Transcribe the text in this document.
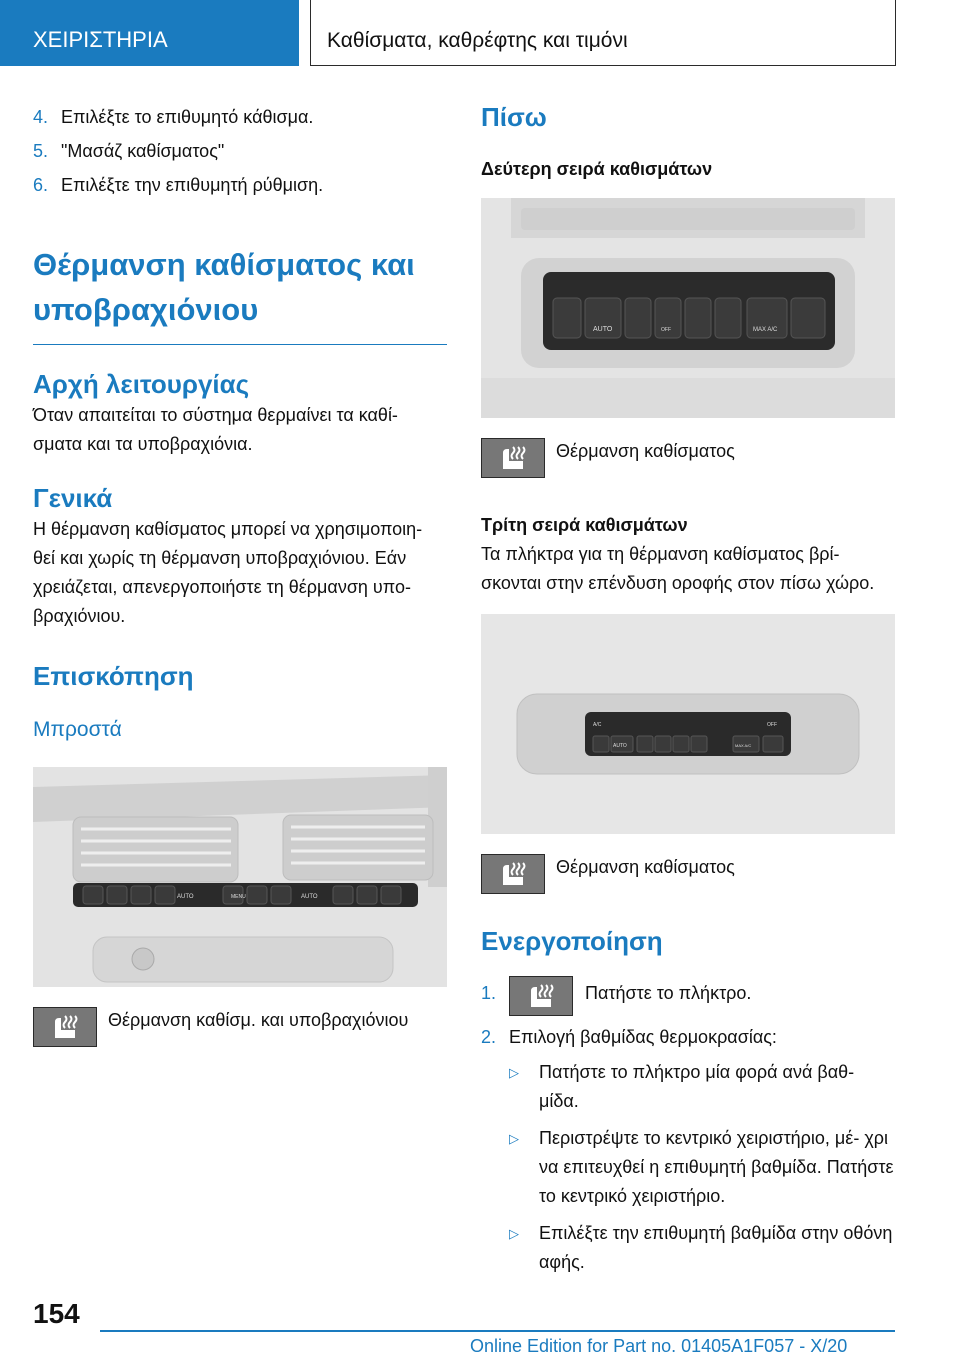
ΧΕΙΡΙΣΤΗΡΙΑ	Καθίσματα, καθρέφτης και τιμόνι
4. Επιλέξτε το επιθυμητό κάθισμα.
5. "Μασάζ καθίσματος"
6. Επιλέξτε την επιθυμητή ρύθμιση.
Θέρμανση καθίσματος και υποβραχιόνιου
Αρχή λειτουργίας
Όταν απαιτείται το σύστημα θερμαίνει τα καθί- σματα και τα υποβραχιόνια.
Γενικά
Η θέρμανση καθίσματος μπορεί να χρησιμοποιη- θεί και χωρίς τη θέρμανση υποβραχιόνιου. Εάν χρειάζεται, απενεργοποιήστε τη θέρμανση υπο- βραχιόνιου.
Επισκόπηση
Μπροστά
AUTO	MENU	AUTO
Θέρμανση καθίσμ. και υποβραχιόνιου
Πίσω
Δεύτερη σειρά καθισμάτων
AUTO	MAX A/C
OFF
Θέρμανση καθίσματος
Τρίτη σειρά καθισμάτων
Τα πλήκτρα για τη θέρμανση καθίσματος βρί- σκονται στην επένδυση οροφής στον πίσω χώρο.
A/C	OFF
AUTO	MAX A/C
Θέρμανση καθίσματος
Ενεργοποίηση
1.	Πατήστε το πλήκτρο.
2. Επιλογή βαθμίδας θερμοκρασίας:
▷	Πατήστε το πλήκτρο μία φορά ανά βαθ- μίδα.
▷	Περιστρέψτε το κεντρικό χειριστήριο, μέ- χρι να επιτευχθεί η επιθυμητή βαθμίδα. Πατήστε το κεντρικό χειριστήριο.
▷	Επιλέξτε την επιθυμητή βαθμίδα στην οθόνη αφής.
154
Online Edition for Part no. 01405A1F057 - X/20
